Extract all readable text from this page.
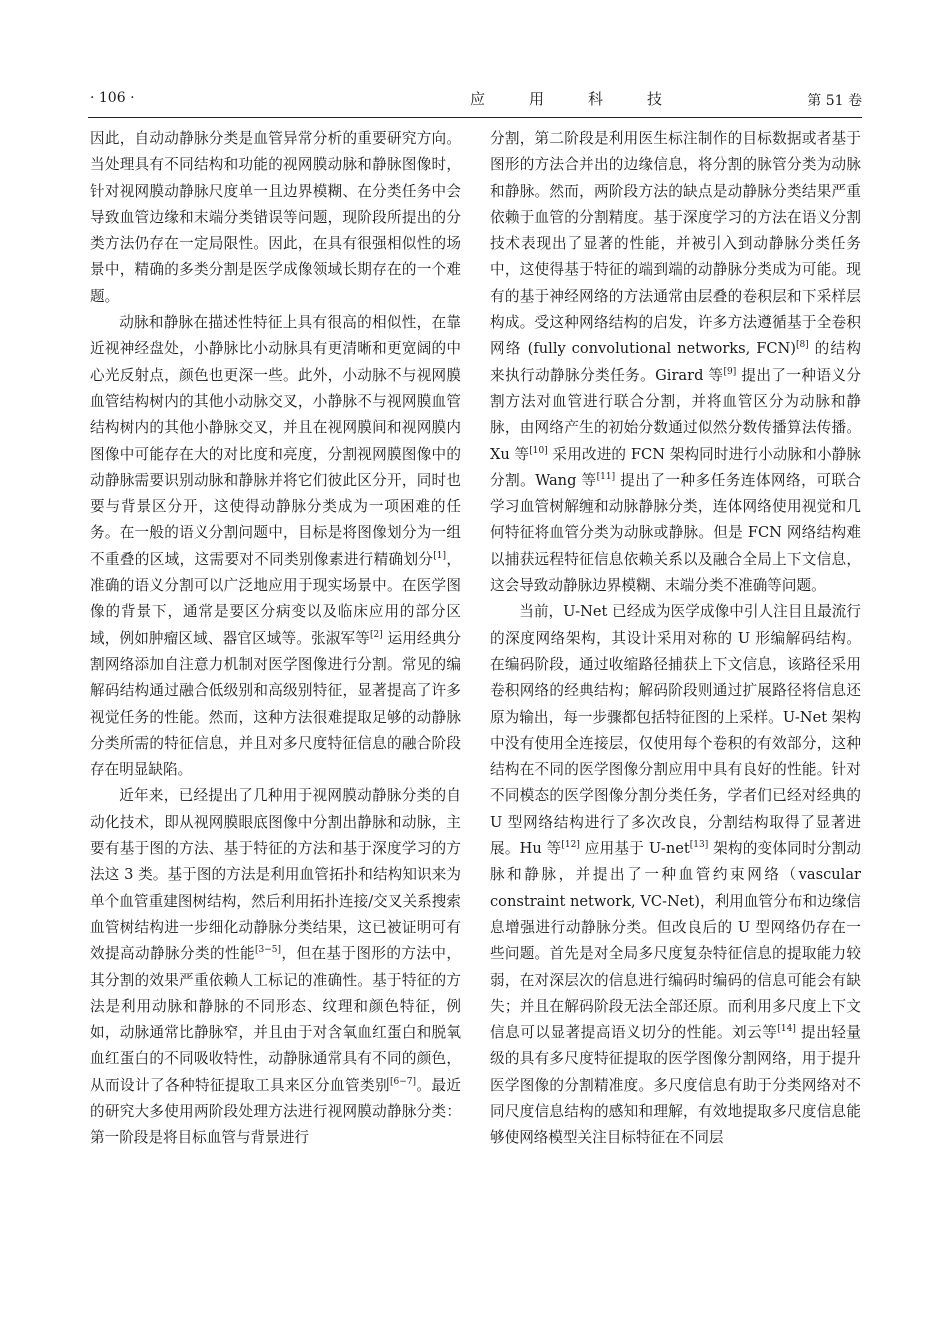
· 106 ·	应用科技	第 51 卷

因此，自动动静脉分类是血管异常分析的重要研究方向。当处理具有不同结构和功能的视网膜动脉和静脉图像时，针对视网膜动静脉尺度单一且边界模糊、在分类任务中会导致血管边缘和末端分类错误等问题，现阶段所提出的分类方法仍存在一定局限性。因此，在具有很强相似性的场景中，精确的多类分割是医学成像领域长期存在的一个难题。

动脉和静脉在描述性特征上具有很高的相似性，在靠近视神经盘处，小静脉比小动脉具有更清晰和更宽阔的中心光反射点，颜色也更深一些。此外，小动脉不与视网膜血管结构树内的其他小动脉交叉，小静脉不与视网膜血管结构树内的其他小静脉交叉，并且在视网膜间和视网膜内图像中可能存在大的对比度和亮度，分割视网膜图像中的动静脉需要识别动脉和静脉并将它们彼此区分开，同时也要与背景区分开，这使得动静脉分类成为一项困难的任务。在一般的语义分割问题中，目标是将图像划分为一组不重叠的区域，这需要对不同类别像素进行精确划分[1]，准确的语义分割可以广泛地应用于现实场景中。在医学图像的背景下，通常是要区分病变以及临床应用的部分区域，例如肿瘤区域、器官区域等。张淑军等[2] 运用经典分割网络添加自注意力机制对医学图像进行分割。常见的编解码结构通过融合低级别和高级别特征，显著提高了许多视觉任务的性能。然而，这种方法很难提取足够的动静脉分类所需的特征信息，并且对多尺度特征信息的融合阶段存在明显缺陷。

近年来，已经提出了几种用于视网膜动静脉分类的自动化技术，即从视网膜眼底图像中分割出静脉和动脉，主要有基于图的方法、基于特征的方法和基于深度学习的方法这 3 类。基于图的方法是利用血管拓扑和结构知识来为单个血管重建图树结构，然后利用拓扑连接/交叉关系搜索血管树结构进一步细化动静脉分类结果，这已被证明可有效提高动静脉分类的性能[3−5]，但在基于图形的方法中，其分割的效果严重依赖人工标记的准确性。基于特征的方法是利用动脉和静脉的不同形态、纹理和颜色特征，例如，动脉通常比静脉窄，并且由于对含氧血红蛋白和脱氧血红蛋白的不同吸收特性，动静脉通常具有不同的颜色，从而设计了各种特征提取工具来区分血管类别[6−7]。最近的研究大多使用两阶段处理方法进行视网膜动静脉分类：第一阶段是将目标血管与背景进行

分割，第二阶段是利用医生标注制作的目标数据或者基于图形的方法合并出的边缘信息，将分割的脉管分类为动脉和静脉。然而，两阶段方法的缺点是动静脉分类结果严重依赖于血管的分割精度。基于深度学习的方法在语义分割技术表现出了显著的性能，并被引入到动静脉分类任务中，这使得基于特征的端到端的动静脉分类成为可能。现有的基于神经网络的方法通常由层叠的卷积层和下采样层构成。受这种网络结构的启发，许多方法遵循基于全卷积网络 (fully convolutional networks, FCN)[8] 的结构来执行动静脉分类任务。Girard 等[9] 提出了一种语义分割方法对血管进行联合分割，并将血管区分为动脉和静脉，由网络产生的初始分数通过似然分数传播算法传播。Xu 等[10] 采用改进的 FCN 架构同时进行小动脉和小静脉分割。Wang 等[11] 提出了一种多任务连体网络，可联合学习血管树解缠和动脉静脉分类，连体网络使用视觉和几何特征将血管分类为动脉或静脉。但是 FCN 网络结构难以捕获远程特征信息依赖关系以及融合全局上下文信息，这会导致动静脉边界模糊、末端分类不准确等问题。

当前，U-Net 已经成为医学成像中引人注目且最流行的深度网络架构，其设计采用对称的 U 形编解码结构。在编码阶段，通过收缩路径捕获上下文信息，该路径采用卷积网络的经典结构；解码阶段则通过扩展路径将信息还原为输出，每一步骤都包括特征图的上采样。U-Net 架构中没有使用全连接层，仅使用每个卷积的有效部分，这种结构在不同的医学图像分割应用中具有良好的性能。针对不同模态的医学图像分割分类任务，学者们已经对经典的 U 型网络结构进行了多次改良，分割结构取得了显著进展。Hu 等[12] 应用基于 U-net[13] 架构的变体同时分割动脉和静脉，并提出了一种血管约束网络（vascular constraint network, VC-Net)，利用血管分布和边缘信息增强进行动静脉分类。但改良后的 U 型网络仍存在一些问题。首先是对全局多尺度复杂特征信息的提取能力较弱，在对深层次的信息进行编码时编码的信息可能会有缺失；并且在解码阶段无法全部还原。而利用多尺度上下文信息可以显著提高语义切分的性能。刘云等[14] 提出轻量级的具有多尺度特征提取的医学图像分割网络，用于提升医学图像的分割精准度。多尺度信息有助于分类网络对不同尺度信息结构的感知和理解，有效地提取多尺度信息能够使网络模型关注目标特征在不同层
